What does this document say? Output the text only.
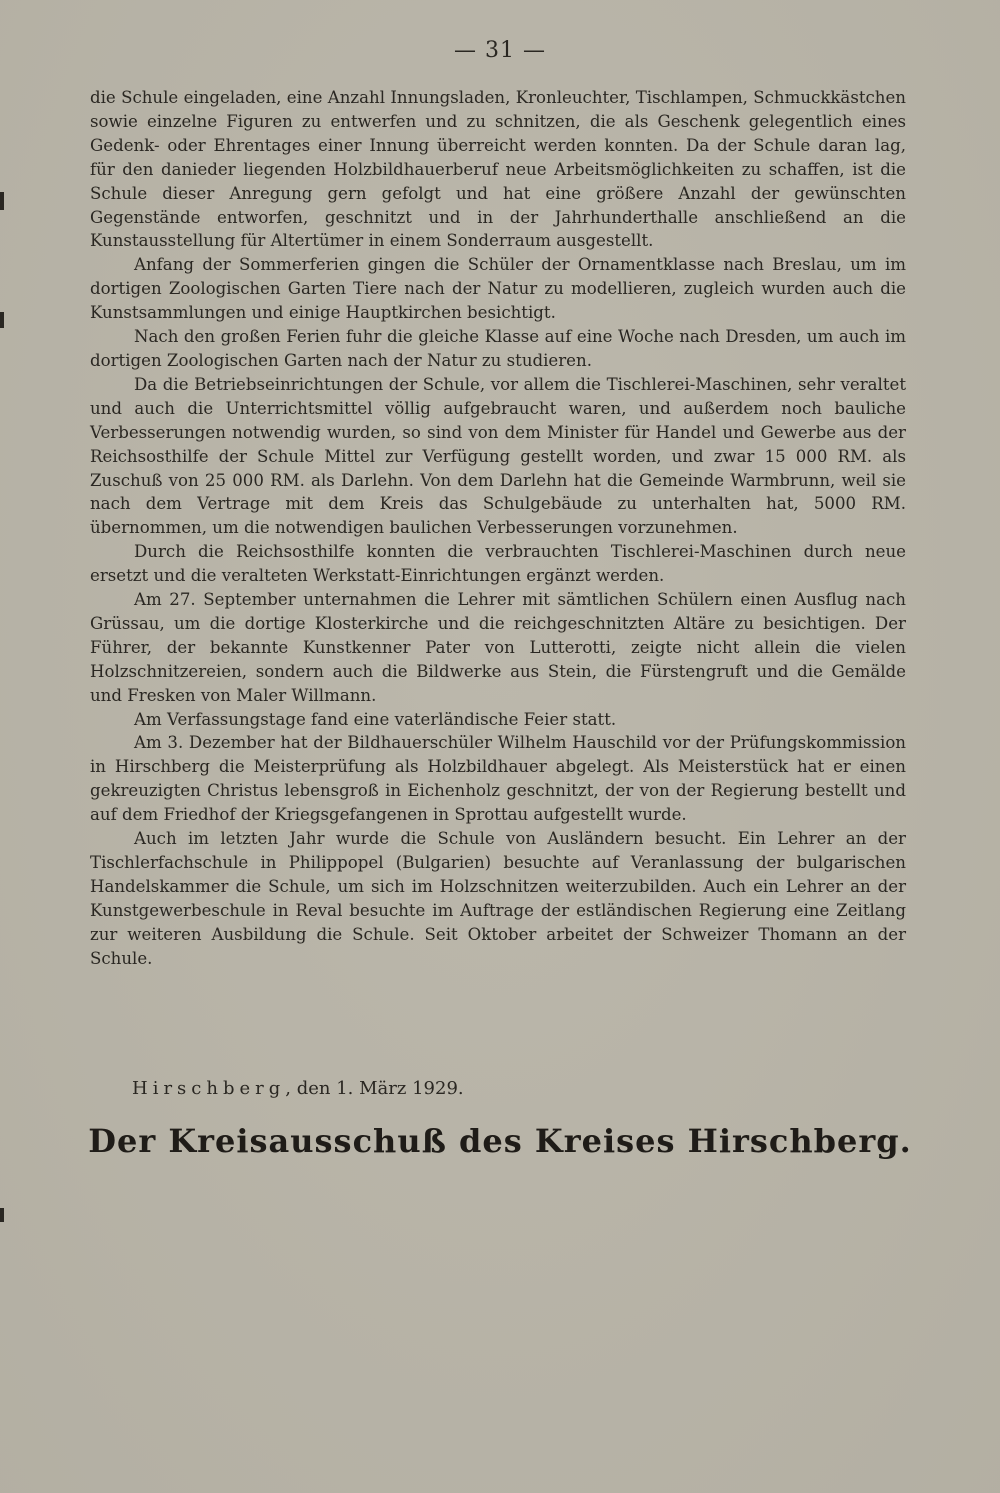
— 31 —

die Schule eingeladen, eine Anzahl Innungsladen, Kronleuchter, Tischlampen, Schmuckkästchen sowie einzelne Figuren zu entwerfen und zu schnitzen, die als Geschenk gelegentlich eines Gedenk- oder Ehrentages einer Innung überreicht werden konnten. Da der Schule daran lag, für den danieder liegenden Holzbildhauerberuf neue Arbeitsmöglichkeiten zu schaffen, ist die Schule dieser Anregung gern gefolgt und hat eine größere Anzahl der gewünschten Gegenstände entworfen, geschnitzt und in der Jahrhunderthalle anschließend an die Kunstausstellung für Altertümer in einem Sonderraum ausgestellt.

Anfang der Sommerferien gingen die Schüler der Ornamentklasse nach Breslau, um im dortigen Zoologischen Garten Tiere nach der Natur zu modellieren, zugleich wurden auch die Kunstsammlungen und einige Hauptkirchen besichtigt.

Nach den großen Ferien fuhr die gleiche Klasse auf eine Woche nach Dresden, um auch im dortigen Zoologischen Garten nach der Natur zu studieren.

Da die Betriebseinrichtungen der Schule, vor allem die Tischlerei-Maschinen, sehr veraltet und auch die Unterrichtsmittel völlig aufgebraucht waren, und außerdem noch bauliche Verbesserungen notwendig wurden, so sind von dem Minister für Handel und Gewerbe aus der Reichsosthilfe der Schule Mittel zur Verfügung gestellt worden, und zwar 15 000 RM. als Zuschuß von 25 000 RM. als Darlehn. Von dem Darlehn hat die Gemeinde Warmbrunn, weil sie nach dem Vertrage mit dem Kreis das Schulgebäude zu unterhalten hat, 5000 RM. übernommen, um die notwendigen baulichen Verbesserungen vorzunehmen.

Durch die Reichsosthilfe konnten die verbrauchten Tischlerei-Maschinen durch neue ersetzt und die veralteten Werkstatt-Einrichtungen ergänzt werden.

Am 27. September unternahmen die Lehrer mit sämtlichen Schülern einen Ausflug nach Grüssau, um die dortige Klosterkirche und die reichgeschnitzten Altäre zu besichtigen. Der Führer, der bekannte Kunstkenner Pater von Lutterotti, zeigte nicht allein die vielen Holzschnitzereien, sondern auch die Bildwerke aus Stein, die Fürstengruft und die Gemälde und Fresken von Maler Willmann.

Am Verfassungstage fand eine vaterländische Feier statt.

Am 3. Dezember hat der Bildhauerschüler Wilhelm Hauschild vor der Prüfungskommission in Hirschberg die Meisterprüfung als Holzbildhauer abgelegt. Als Meisterstück hat er einen gekreuzigten Christus lebensgroß in Eichenholz geschnitzt, der von der Regierung bestellt und auf dem Friedhof der Kriegsgefangenen in Sprottau aufgestellt wurde.

Auch im letzten Jahr wurde die Schule von Ausländern besucht. Ein Lehrer an der Tischlerfachschule in Philippopel (Bulgarien) besuchte auf Veranlassung der bulgarischen Handelskammer die Schule, um sich im Holzschnitzen weiterzubilden. Auch ein Lehrer an der Kunstgewerbeschule in Reval besuchte im Auftrage der estländischen Regierung eine Zeitlang zur weiteren Ausbildung die Schule. Seit Oktober arbeitet der Schweizer Thomann an der Schule.

Hirschberg, den 1. März 1929.
Der Kreisausschuß des Kreises Hirschberg.
